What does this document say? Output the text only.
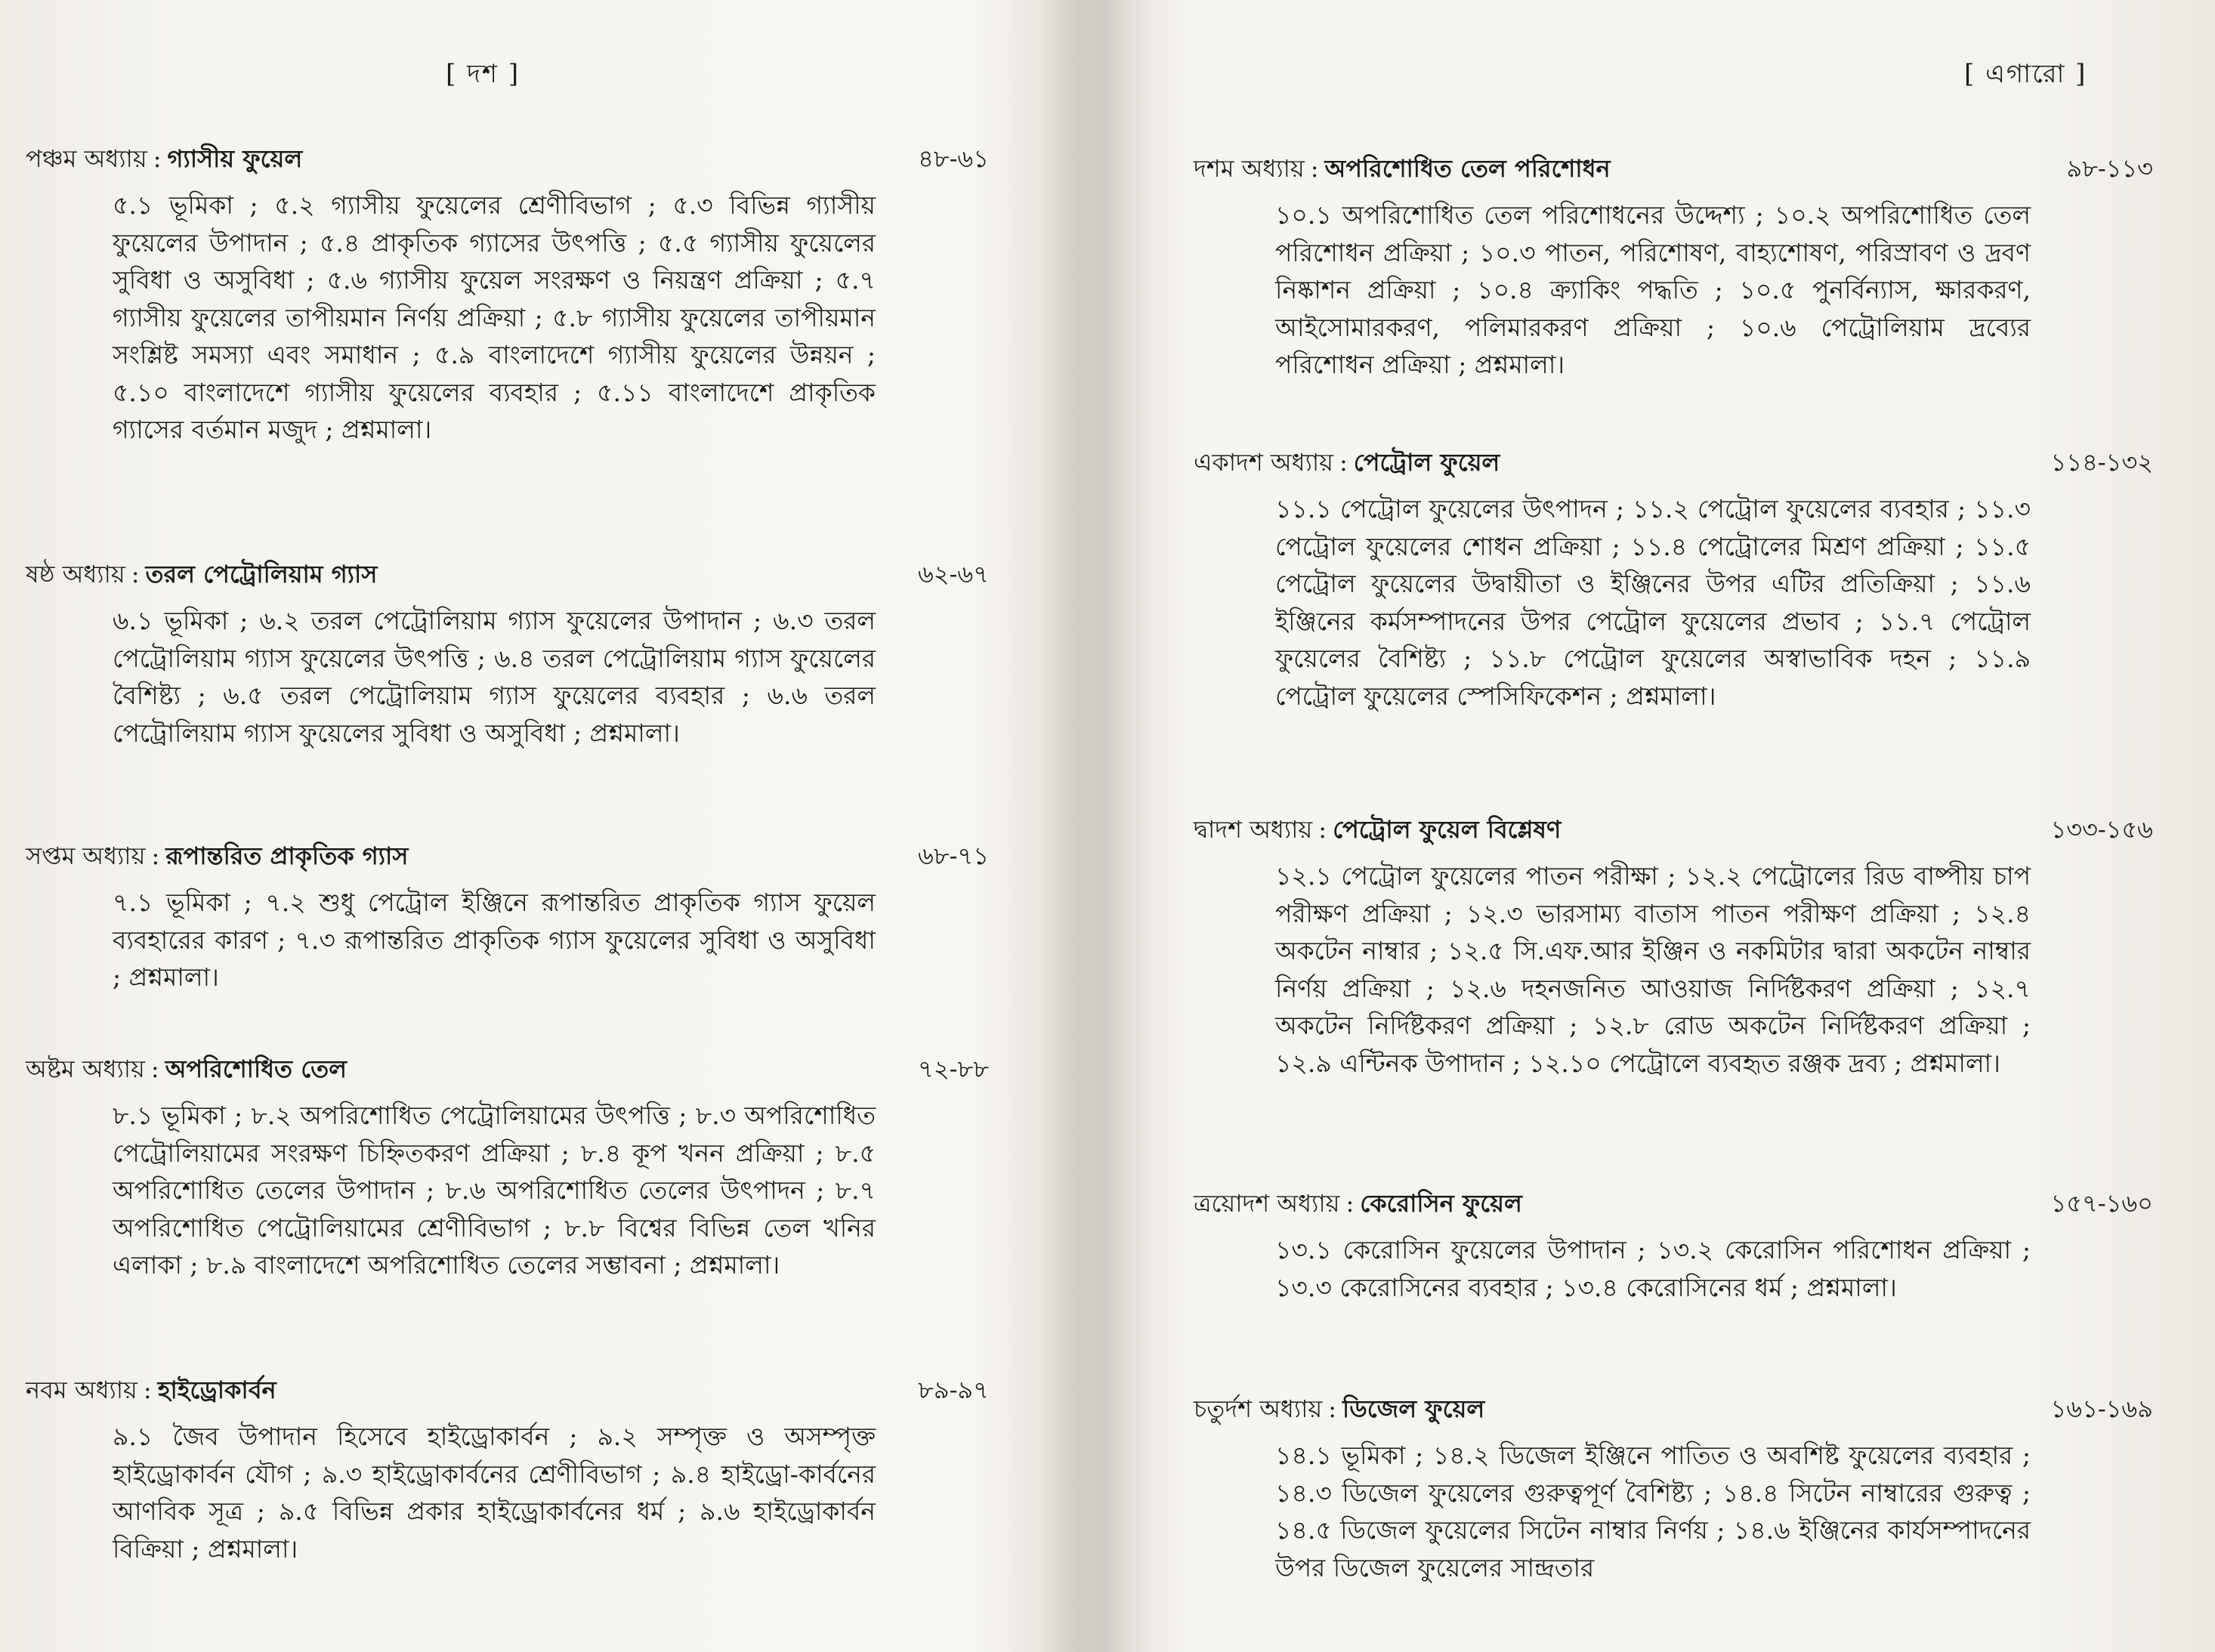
[ দশ ]
পঞ্চম অধ্যায় : গ্যাসীয় ফুয়েল	৪৮-৬১
৫.১ ভূমিকা ; ৫.২ গ্যাসীয় ফুয়েলের শ্রেণীবিভাগ ; ৫.৩ বিভিন্ন গ্যাসীয় ফুয়েলের উপাদান ; ৫.৪ প্রাকৃতিক গ্যাসের উৎপত্তি ; ৫.৫ গ্যাসীয় ফুয়েলের সুবিধা ও অসুবিধা ; ৫.৬ গ্যাসীয় ফুয়েল সংরক্ষণ ও নিয়ন্ত্রণ প্রক্রিয়া ; ৫.৭ গ্যাসীয় ফুয়েলের তাপীয়মান নির্ণয় প্রক্রিয়া ; ৫.৮ গ্যাসীয় ফুয়েলের তাপীয়মান সংশ্লিষ্ট সমস্যা এবং সমাধান ; ৫.৯ বাংলাদেশে গ্যাসীয় ফুয়েলের উন্নয়ন ; ৫.১০ বাংলাদেশে গ্যাসীয় ফুয়েলের ব্যবহার ; ৫.১১ বাংলাদেশে প্রাকৃতিক গ্যাসের বর্তমান মজুদ ; প্রশ্নমালা।
ষষ্ঠ অধ্যায় : তরল পেট্রোলিয়াম গ্যাস	৬২-৬৭
৬.১ ভূমিকা ; ৬.২ তরল পেট্রোলিয়াম গ্যাস ফুয়েলের উপাদান ; ৬.৩ তরল পেট্রোলিয়াম গ্যাস ফুয়েলের উৎপত্তি ; ৬.৪ তরল পেট্রোলিয়াম গ্যাস ফুয়েলের বৈশিষ্ট্য ; ৬.৫ তরল পেট্রোলিয়াম গ্যাস ফুয়েলের ব্যবহার ; ৬.৬ তরল পেট্রোলিয়াম গ্যাস ফুয়েলের সুবিধা ও অসুবিধা ; প্রশ্নমালা।
সপ্তম অধ্যায় : রূপান্তরিত প্রাকৃতিক গ্যাস	৬৮-৭১
৭.১ ভূমিকা ; ৭.২ শুধু পেট্রোল ইঞ্জিনে রূপান্তরিত প্রাকৃতিক গ্যাস ফুয়েল ব্যবহারের কারণ ; ৭.৩ রূপান্তরিত প্রাকৃতিক গ্যাস ফুয়েলের সুবিধা ও অসুবিধা ; প্রশ্নমালা।
অষ্টম অধ্যায় : অপরিশোধিত তেল	৭২-৮৮
৮.১ ভূমিকা ; ৮.২ অপরিশোধিত পেট্রোলিয়ামের উৎপত্তি ; ৮.৩ অপরিশোধিত পেট্রোলিয়ামের সংরক্ষণ চিহ্নিতকরণ প্রক্রিয়া ; ৮.৪ কূপ খনন প্রক্রিয়া ; ৮.৫ অপরিশোধিত তেলের উপাদান ; ৮.৬ অপরিশোধিত তেলের উৎপাদন ; ৮.৭ অপরিশোধিত পেট্রোলিয়ামের শ্রেণীবিভাগ ; ৮.৮ বিশ্বের বিভিন্ন তেল খনির এলাকা ; ৮.৯ বাংলাদেশে অপরিশোধিত তেলের সম্ভাবনা ; প্রশ্নমালা।
নবম অধ্যায় : হাইড্রোকার্বন	৮৯-৯৭
৯.১ জৈব উপাদান হিসেবে হাইড্রোকার্বন ; ৯.২ সম্পৃক্ত ও অসম্পৃক্ত হাইড্রোকার্বন যৌগ ; ৯.৩ হাইড্রোকার্বনের শ্রেণীবিভাগ ; ৯.৪ হাইড্রো-কার্বনের আণবিক সূত্র ; ৯.৫ বিভিন্ন প্রকার হাইড্রোকার্বনের ধর্ম ; ৯.৬ হাইড্রোকার্বন বিক্রিয়া ; প্রশ্নমালা।
[ এগারো ]
দশম অধ্যায় : অপরিশোধিত তেল পরিশোধন	৯৮-১১৩
১০.১ অপরিশোধিত তেল পরিশোধনের উদ্দেশ্য ; ১০.২ অপরিশোধিত তেল পরিশোধন প্রক্রিয়া ; ১০.৩ পাতন, পরিশোষণ, বাহ্যশোষণ, পরিস্রাবণ ও দ্রবণ নিষ্কাশন প্রক্রিয়া ; ১০.৪ ক্র্যাকিং পদ্ধতি ; ১০.৫ পুনর্বিন্যাস, ক্ষারকরণ, আইসোমারকরণ, পলিমারকরণ প্রক্রিয়া ; ১০.৬ পেট্রোলিয়াম দ্রব্যের পরিশোধন প্রক্রিয়া ; প্রশ্নমালা।
একাদশ অধ্যায় : পেট্রোল ফুয়েল	১১৪-১৩২
১১.১ পেট্রোল ফুয়েলের উৎপাদন ; ১১.২ পেট্রোল ফুয়েলের ব্যবহার ; ১১.৩ পেট্রোল ফুয়েলের শোধন প্রক্রিয়া ; ১১.৪ পেট্রোলের মিশ্রণ প্রক্রিয়া ; ১১.৫ পেট্রোল ফুয়েলের উদ্বায়ীতা ও ইঞ্জিনের উপর এটির প্রতিক্রিয়া ; ১১.৬ ইঞ্জিনের কর্মসম্পাদনের উপর পেট্রোল ফুয়েলের প্রভাব ; ১১.৭ পেট্রোল ফুয়েলের বৈশিষ্ট্য ; ১১.৮ পেট্রোল ফুয়েলের অস্বাভাবিক দহন ; ১১.৯ পেট্রোল ফুয়েলের স্পেসিফিকেশন ; প্রশ্নমালা।
দ্বাদশ অধ্যায় : পেট্রোল ফুয়েল বিশ্লেষণ	১৩৩-১৫৬
১২.১ পেট্রোল ফুয়েলের পাতন পরীক্ষা ; ১২.২ পেট্রোলের রিড বাষ্পীয় চাপ পরীক্ষণ প্রক্রিয়া ; ১২.৩ ভারসাম্য বাতাস পাতন পরীক্ষণ প্রক্রিয়া ; ১২.৪ অকটেন নাম্বার ; ১২.৫ সি.এফ.আর ইঞ্জিন ও নকমিটার দ্বারা অকটেন নাম্বার নির্ণয় প্রক্রিয়া ; ১২.৬ দহনজনিত আওয়াজ নির্দিষ্টকরণ প্রক্রিয়া ; ১২.৭ অকটেন নির্দিষ্টকরণ প্রক্রিয়া ; ১২.৮ রোড অকটেন নির্দিষ্টকরণ প্রক্রিয়া ; ১২.৯ এন্টিনক উপাদান ; ১২.১০ পেট্রোলে ব্যবহৃত রঞ্জক দ্রব্য ; প্রশ্নমালা।
ত্রয়োদশ অধ্যায় : কেরোসিন ফুয়েল	১৫৭-১৬০
১৩.১ কেরোসিন ফুয়েলের উপাদান ; ১৩.২ কেরোসিন পরিশোধন প্রক্রিয়া ; ১৩.৩ কেরোসিনের ব্যবহার ; ১৩.৪ কেরোসিনের ধর্ম ; প্রশ্নমালা।
চতুর্দশ অধ্যায় : ডিজেল ফুয়েল	১৬১-১৬৯
১৪.১ ভূমিকা ; ১৪.২ ডিজেল ইঞ্জিনে পাতিত ও অবশিষ্ট ফুয়েলের ব্যবহার ; ১৪.৩ ডিজেল ফুয়েলের গুরুত্বপূর্ণ বৈশিষ্ট্য ; ১৪.৪ সিটেন নাম্বারের গুরুত্ব ; ১৪.৫ ডিজেল ফুয়েলের সিটেন নাম্বার নির্ণয় ; ১৪.৬ ইঞ্জিনের কার্যসম্পাদনের উপর ডিজেল ফুয়েলের সান্দ্রতার
